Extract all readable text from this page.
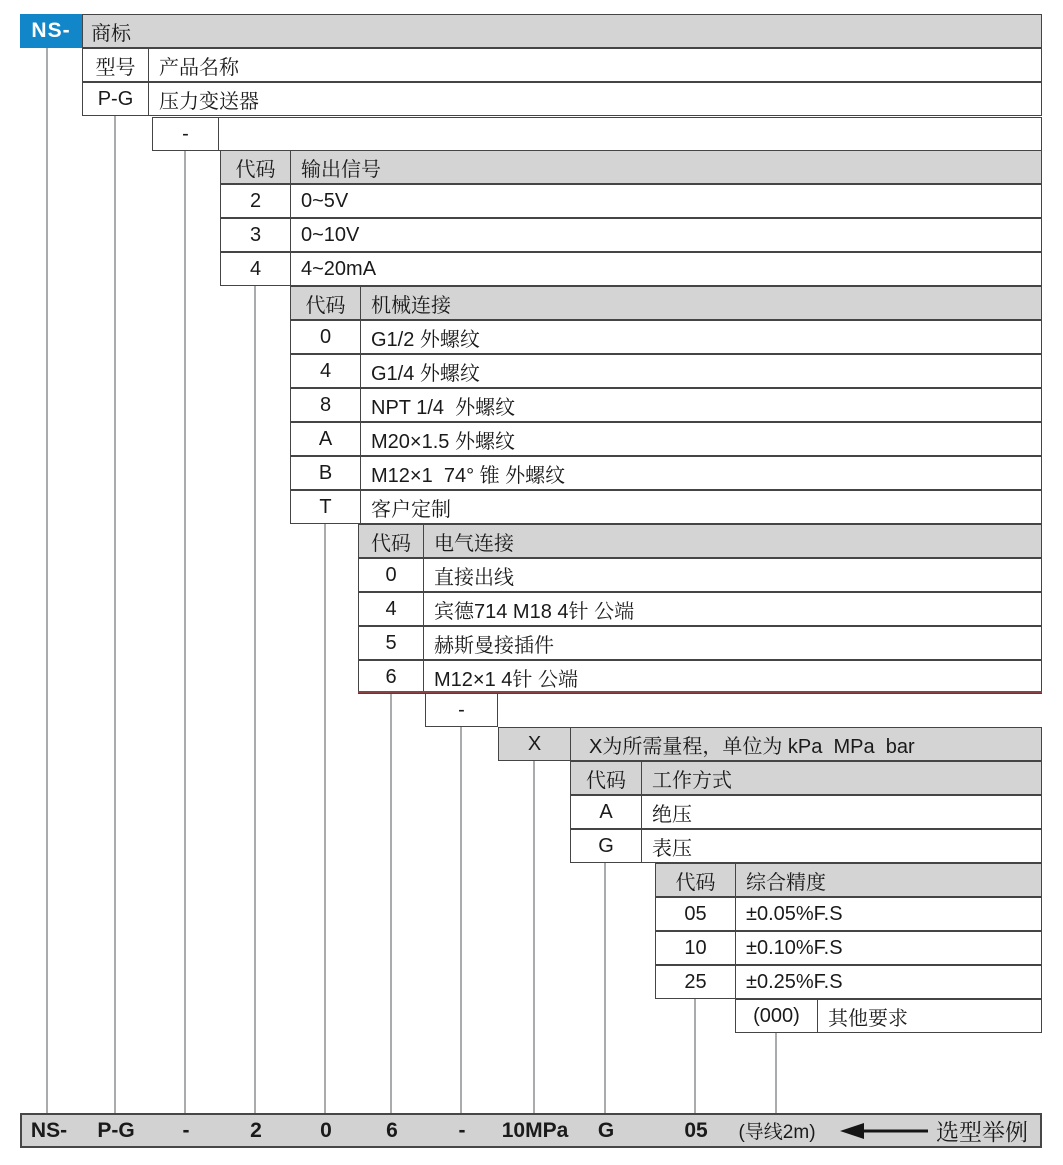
NS-	商标
型号	产品名称
P-G	压力变送器
-
代码	输出信号
2	0~5V
3	0~10V
4	4~20mA
代码	机械连接
0	G1/2 外螺纹
4	G1/4 外螺纹
8	NPT 1/4  外螺纹
A	M20×1.5 外螺纹
B	M12×1  74° 锥 外螺纹
T	客户定制
代码	电气连接
0	直接出线
4	宾德714 M18 4针 公端
5	赫斯曼接插件
6	M12×1 4针 公端
-
X	X为所需量程，单位为 kPa  MPa  bar
代码	工作方式
A	绝压
G	表压
代码	综合精度
05	±0.05%F.S
10	±0.10%F.S
25	±0.25%F.S
(000)	其他要求
NS- P-G -	2	0	6	- 10MPa G	05 (导线2m)	选型举例
